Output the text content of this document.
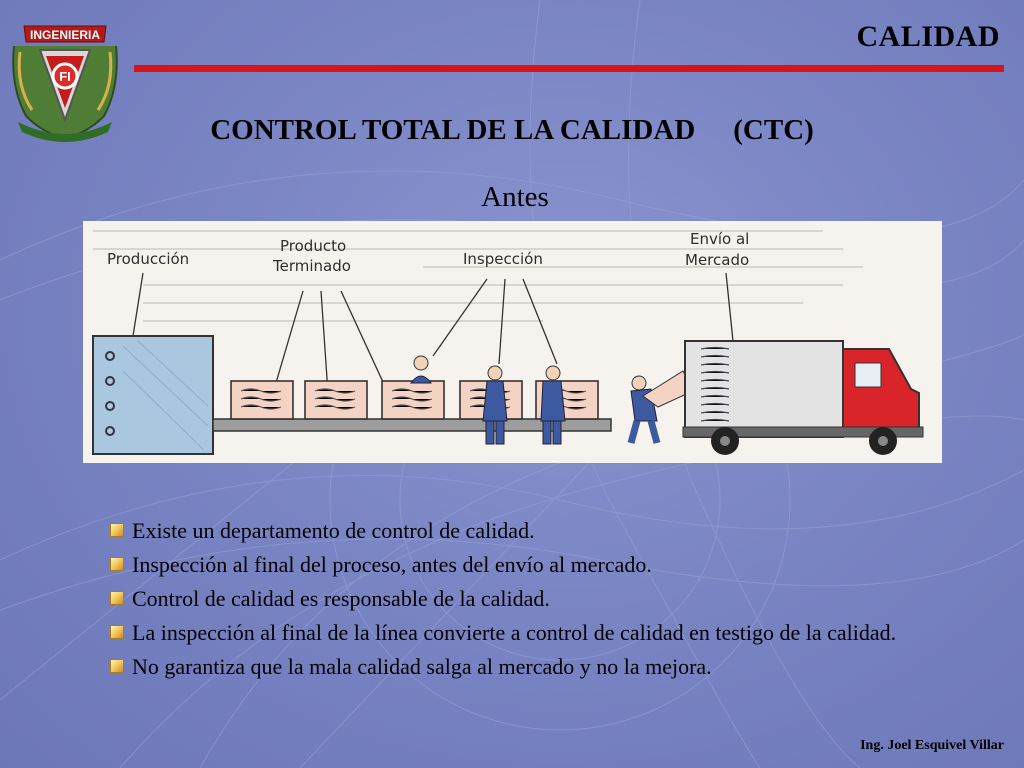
INGENIERIA
FI
CALIDAD
CONTROL TOTAL DE LA CALIDAD (CTC)
Antes
Producción
Producto
Terminado	Inspección
Envío al
Mercado
Existe un departamento de control de calidad.
Inspección al final del proceso, antes del envío al mercado.
Control de calidad es responsable de la calidad.
La inspección al final de la línea convierte a control de calidad en testigo de la calidad.
No garantiza que la mala calidad salga al mercado y no la mejora.
Ing. Joel Esquivel Villar
